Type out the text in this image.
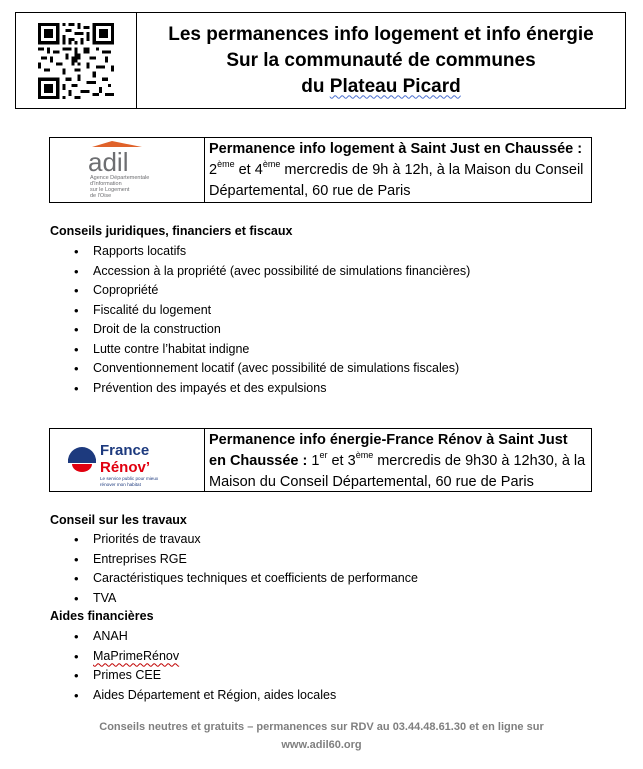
Les permanences info logement et info énergie
Sur la communauté de communes
du Plateau Picard
adil
Agence Départementale
d'Information
sur le Logement
de l'Oise
Permanence info logement à Saint Just en Chaussée :
2ème et 4ème mercredis de 9h à 12h, à la Maison du Conseil Départemental, 60 rue de Paris
Conseils juridiques, financiers et fiscaux
• Rapports locatifs
• Accession à la propriété (avec possibilité de simulations financières)
• Copropriété
• Fiscalité du logement
• Droit de la construction
• Lutte contre l’habitat indigne
• Conventionnement locatif (avec possibilité de simulations fiscales)
• Prévention des impayés et des expulsions
France
Rénov’
Le service public pour mieux
rénover mon habitat
Permanence info énergie-France Rénov à Saint Just en Chaussée : 1er et 3ème mercredis de 9h30 à 12h30, à la Maison du Conseil Départemental, 60 rue de Paris
Conseil sur les travaux
• Priorités de travaux
• Entreprises RGE
• Caractéristiques techniques et coefficients de performance
• TVA
Aides financières
• ANAH
• MaPrimeRénov
• Primes CEE
• Aides Département et Région, aides locales
Conseils neutres et gratuits – permanences sur RDV au 03.44.48.61.30 et en ligne sur
www.adil60.org
